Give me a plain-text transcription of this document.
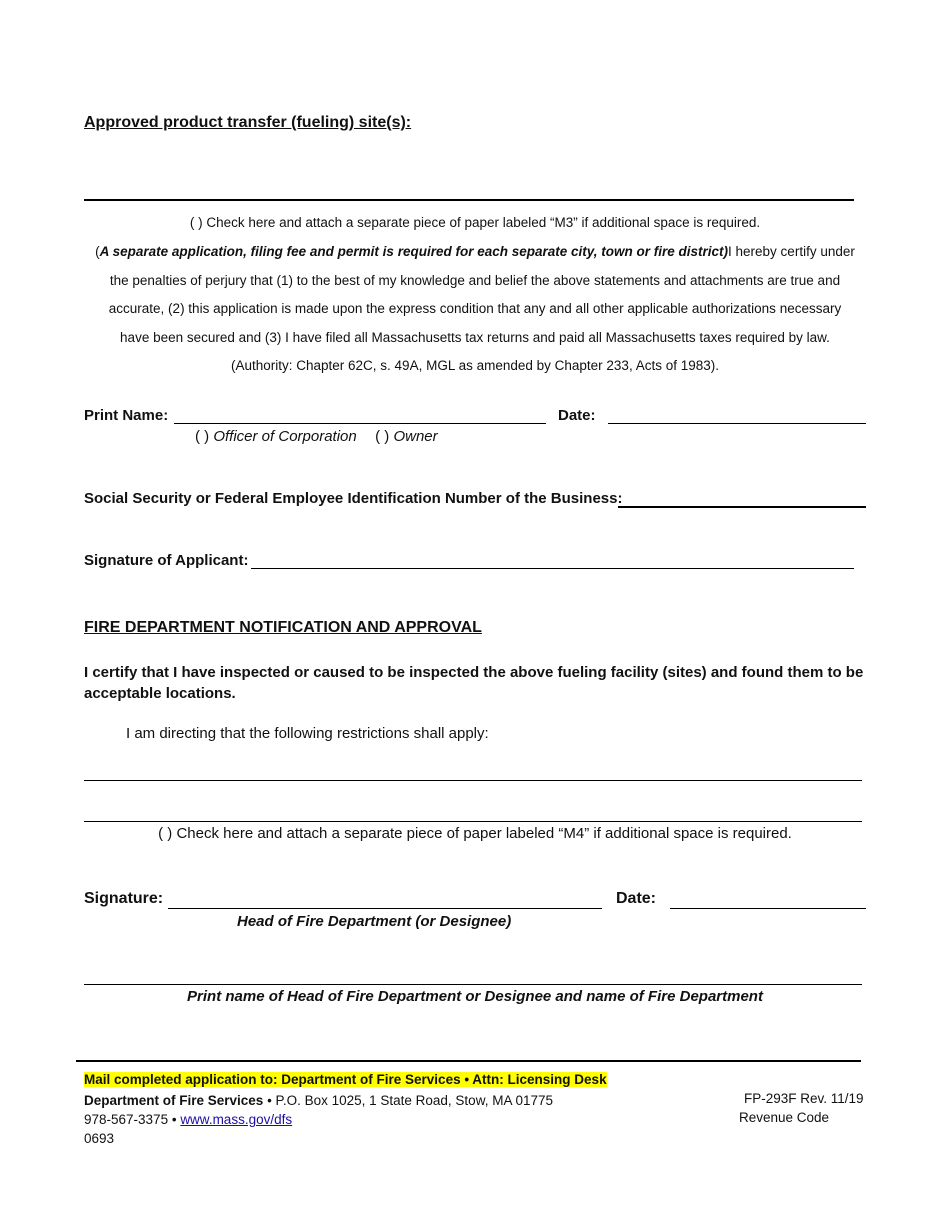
Approved product transfer (fueling) site(s):
( ) Check here and attach a separate piece of paper labeled “M3” if additional space is required.
(A separate application, filing fee and permit is required for each separate city, town or fire district)I hereby certify under
the penalties of perjury that (1) to the best of my knowledge and belief the above statements and attachments are true and
accurate, (2) this application is made upon the express condition that any and all other applicable authorizations necessary
have been secured and (3) I have filed all Massachusetts tax returns and paid all Massachusetts taxes required by law.
(Authority: Chapter 62C, s. 49A, MGL as amended by Chapter 233, Acts of 1983).
Print Name:	Date:
( ) Officer of Corporation ( ) Owner
Social Security or Federal Employee Identification Number of the Business:
Signature of Applicant:
FIRE DEPARTMENT NOTIFICATION AND APPROVAL
I certify that I have inspected or caused to be inspected the above fueling facility (sites) and found them to be acceptable locations.
I am directing that the following restrictions shall apply:
( ) Check here and attach a separate piece of paper labeled “M4” if additional space is required.
Signature:	Date:
Head of Fire Department (or Designee)
Print name of Head of Fire Department or Designee and name of Fire Department
Mail completed application to: Department of Fire Services • Attn: Licensing Desk
Department of Fire Services • P.O. Box 1025, 1 State Road, Stow, MA 01775
978-567-3375 • www.mass.gov/dfs
0693
FP-293F Rev. 11/19
Revenue Code
